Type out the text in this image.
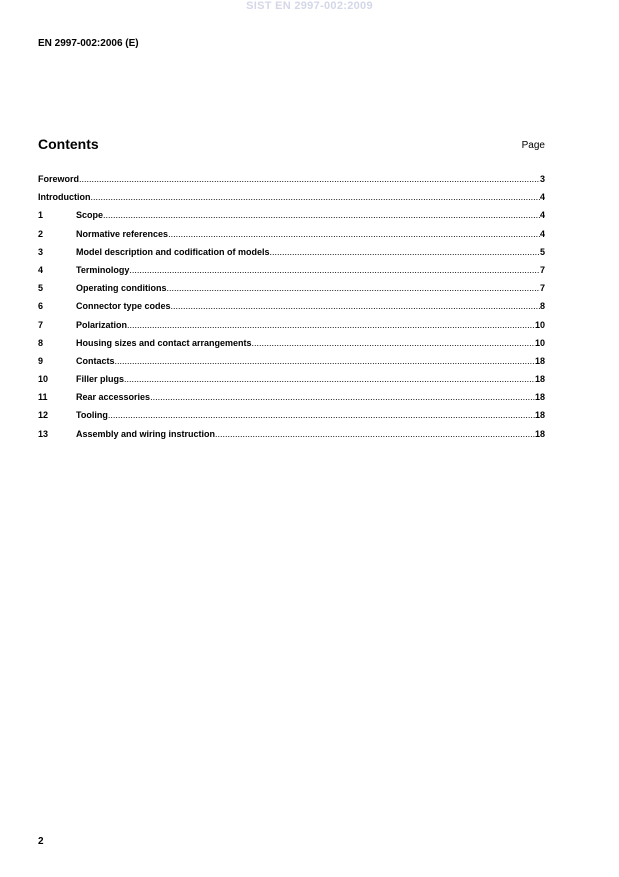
SIST EN 2997-002:2009
EN 2997-002:2006 (E)
Contents	Page
Foreword .....	3
Introduction .....	4
1	Scope .....	4
2	Normative references .....	4
3	Model description and codification of models .....	5
4	Terminology .....	7
5	Operating conditions .....	7
6	Connector type codes .....	8
7	Polarization .....	10
8	Housing sizes and contact arrangements .....	10
9	Contacts .....	18
10	Filler plugs .....	18
11	Rear accessories .....	18
12	Tooling .....	18
13	Assembly and wiring instruction .....	18
2
